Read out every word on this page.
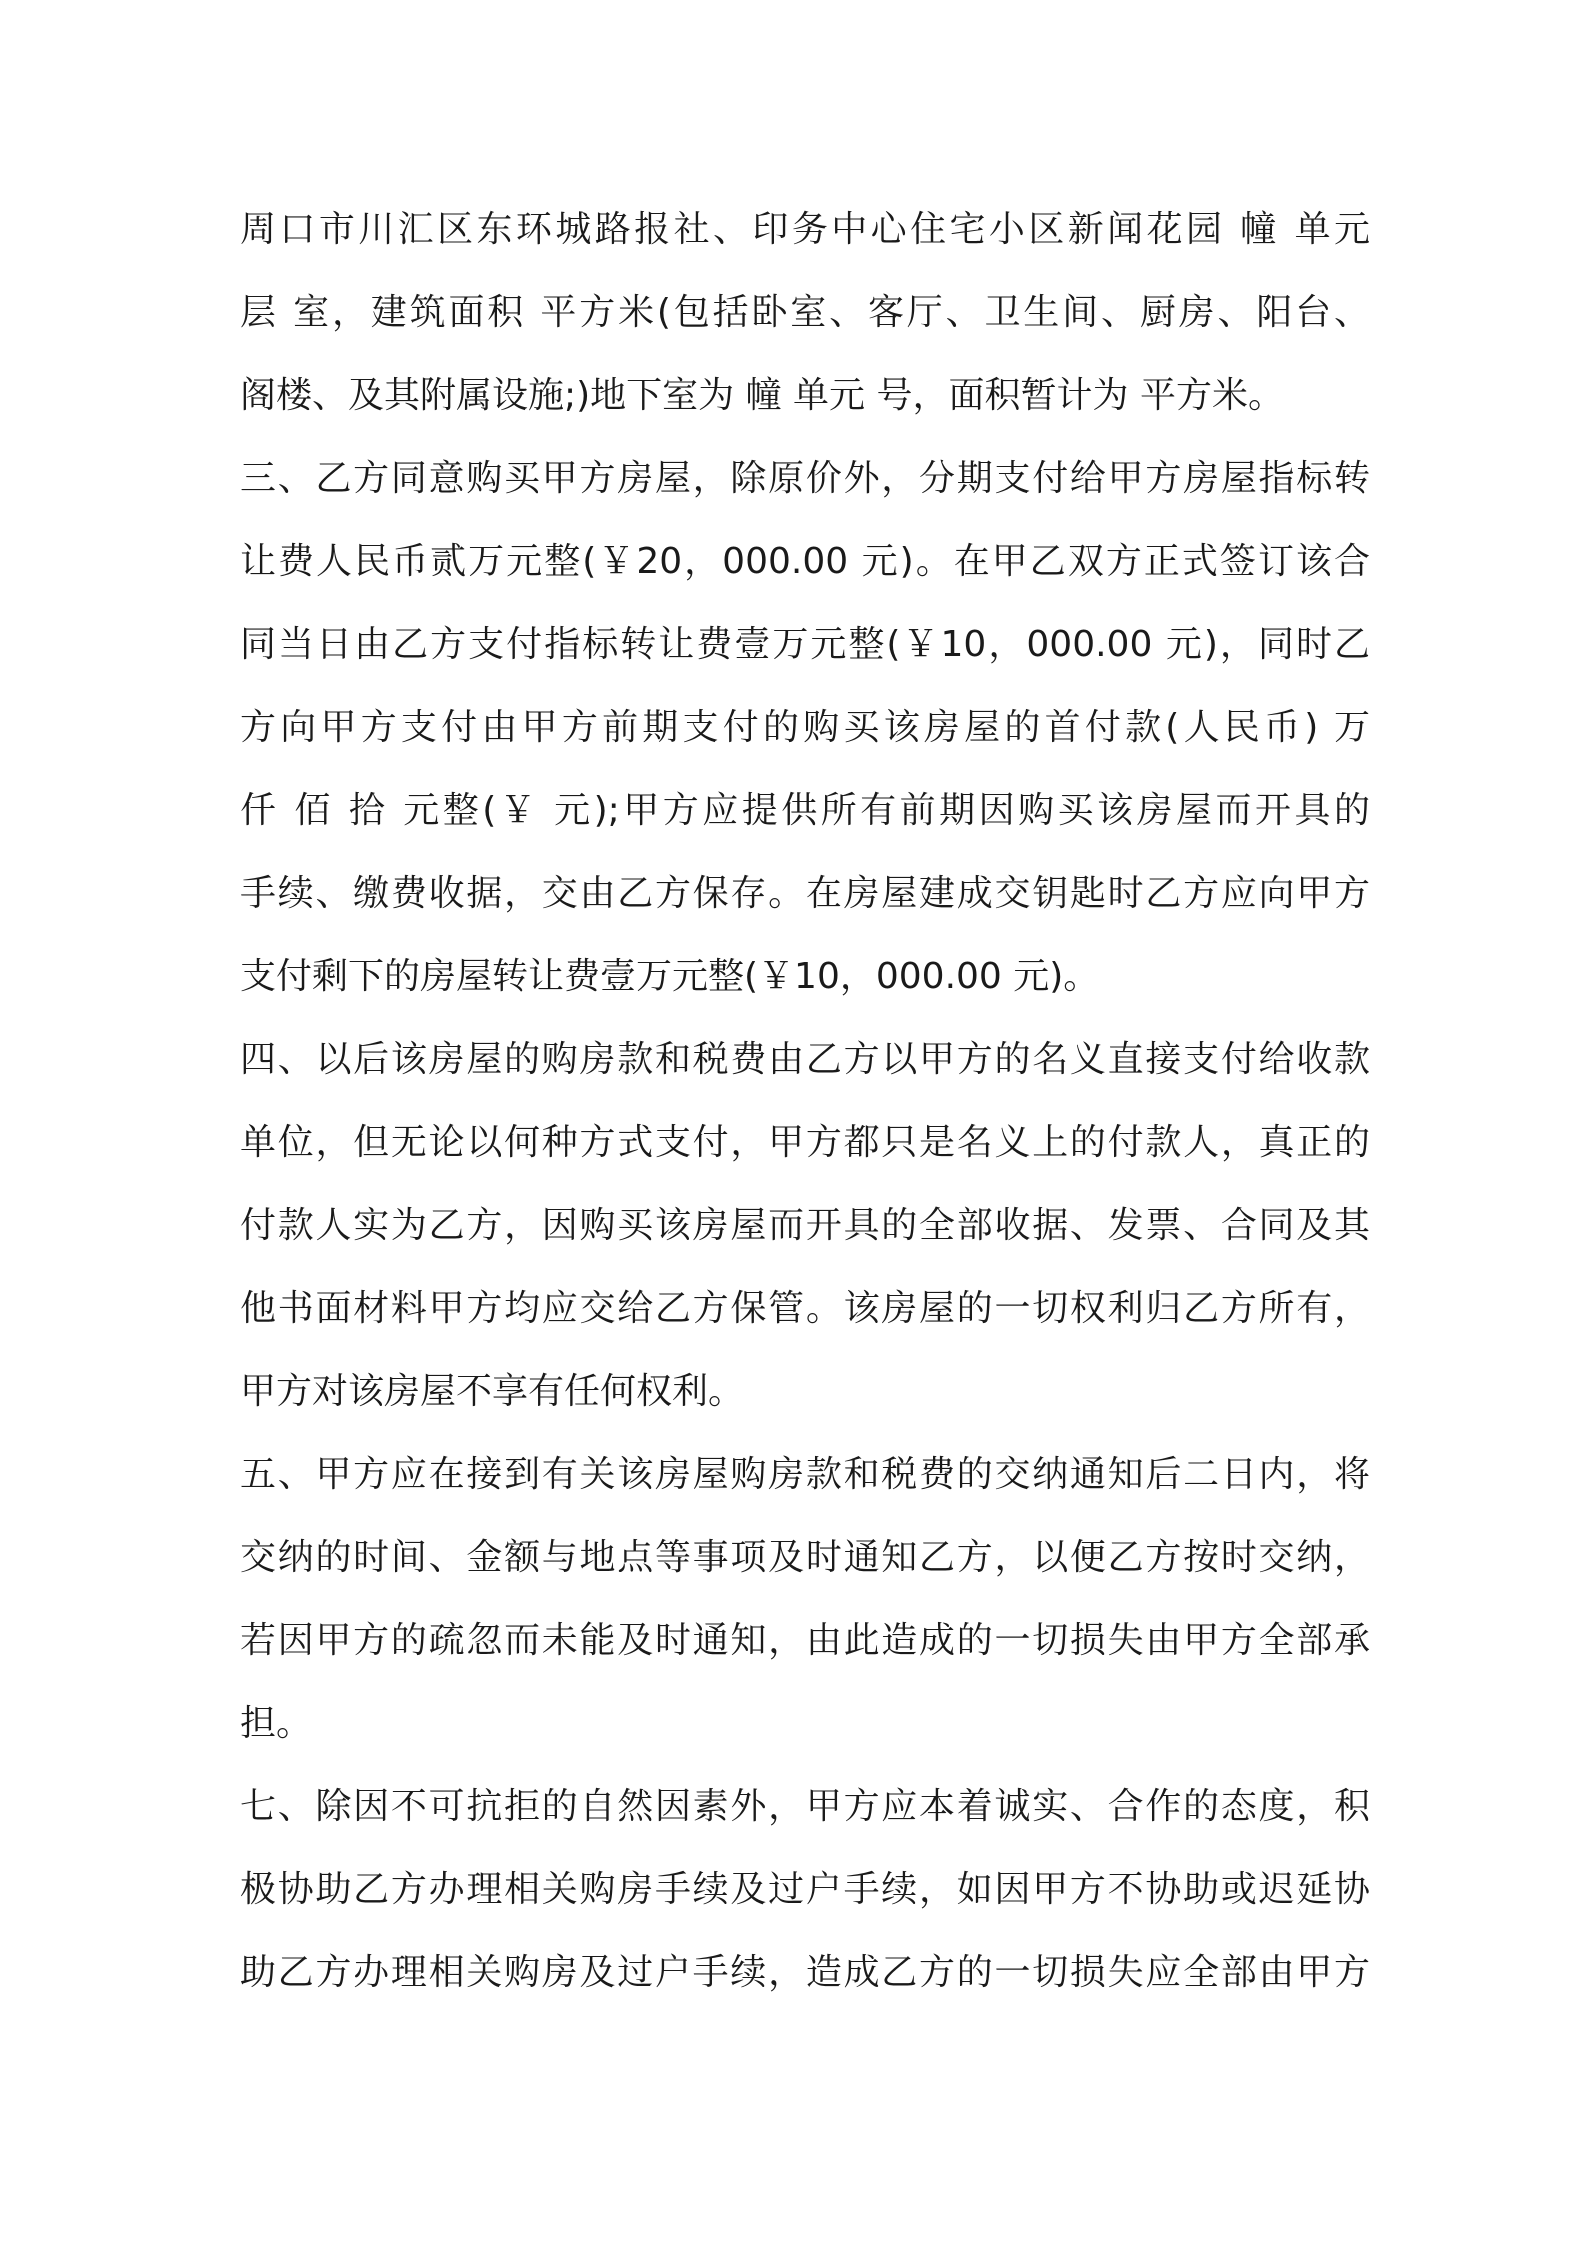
周口市川汇区东环城路报社、印务中心住宅小区新闻花园 幢 单元
层 室，建筑面积 平方米(包括卧室、客厅、卫生间、厨房、阳台、
阁楼、及其附属设施;)地下室为 幢 单元 号，面积暂计为 平方米。
三、乙方同意购买甲方房屋，除原价外，分期支付给甲方房屋指标转
让费人民币贰万元整(￥20，000.00 元)。在甲乙双方正式签订该合
同当日由乙方支付指标转让费壹万元整(￥10，000.00 元)，同时乙
方向甲方支付由甲方前期支付的购买该房屋的首付款(人民币) 万
仟 佰 拾 元整(￥ 元);甲方应提供所有前期因购买该房屋而开具的
手续、缴费收据，交由乙方保存。在房屋建成交钥匙时乙方应向甲方
支付剩下的房屋转让费壹万元整(￥10，000.00 元)。
四、以后该房屋的购房款和税费由乙方以甲方的名义直接支付给收款
单位，但无论以何种方式支付，甲方都只是名义上的付款人，真正的
付款人实为乙方，因购买该房屋而开具的全部收据、发票、合同及其
他书面材料甲方均应交给乙方保管。该房屋的一切权利归乙方所有，
甲方对该房屋不享有任何权利。
五、甲方应在接到有关该房屋购房款和税费的交纳通知后二日内，将
交纳的时间、金额与地点等事项及时通知乙方，以便乙方按时交纳，
若因甲方的疏忽而未能及时通知，由此造成的一切损失由甲方全部承
担。
七、除因不可抗拒的自然因素外，甲方应本着诚实、合作的态度，积
极协助乙方办理相关购房手续及过户手续，如因甲方不协助或迟延协
助乙方办理相关购房及过户手续，造成乙方的一切损失应全部由甲方
